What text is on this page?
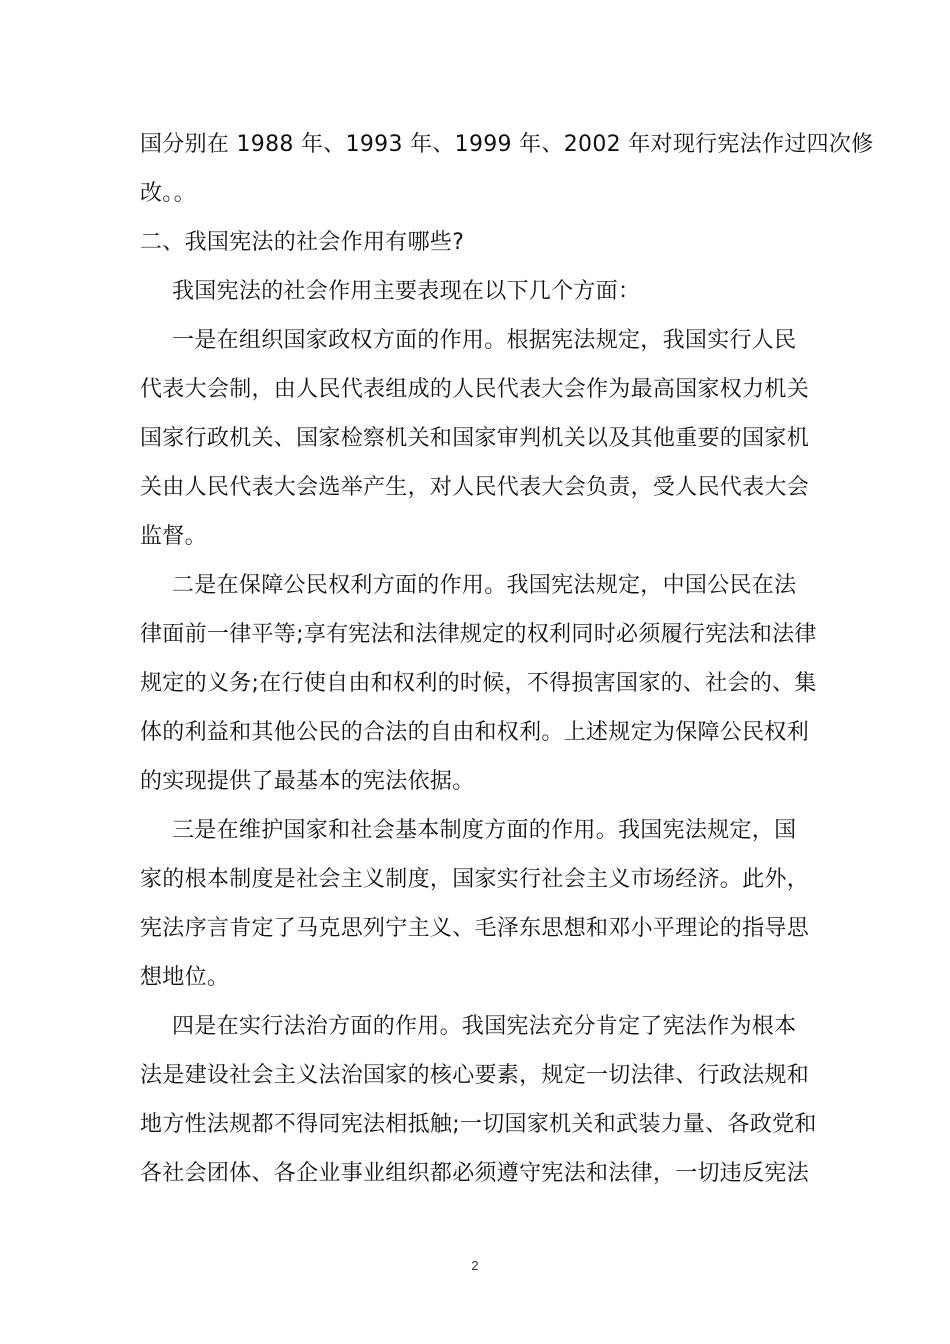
国分别在 1988 年、1993 年、1999 年、2002 年对现行宪法作过四次修
改。。
二、我国宪法的社会作用有哪些?
我国宪法的社会作用主要表现在以下几个方面：
一是在组织国家政权方面的作用。根据宪法规定，我国实行人民
代表大会制，由人民代表组成的人民代表大会作为最高国家权力机关
国家行政机关、国家检察机关和国家审判机关以及其他重要的国家机
关由人民代表大会选举产生，对人民代表大会负责，受人民代表大会
监督。
二是在保障公民权利方面的作用。我国宪法规定，中国公民在法
律面前一律平等;享有宪法和法律规定的权利同时必须履行宪法和法律
规定的义务;在行使自由和权利的时候，不得损害国家的、社会的、集
体的利益和其他公民的合法的自由和权利。上述规定为保障公民权利
的实现提供了最基本的宪法依据。
三是在维护国家和社会基本制度方面的作用。我国宪法规定，国
家的根本制度是社会主义制度，国家实行社会主义市场经济。此外，
宪法序言肯定了马克思列宁主义、毛泽东思想和邓小平理论的指导思
想地位。
四是在实行法治方面的作用。我国宪法充分肯定了宪法作为根本
法是建设社会主义法治国家的核心要素，规定一切法律、行政法规和
地方性法规都不得同宪法相抵触;一切国家机关和武装力量、各政党和
各社会团体、各企业事业组织都必须遵守宪法和法律，一切违反宪法
2
